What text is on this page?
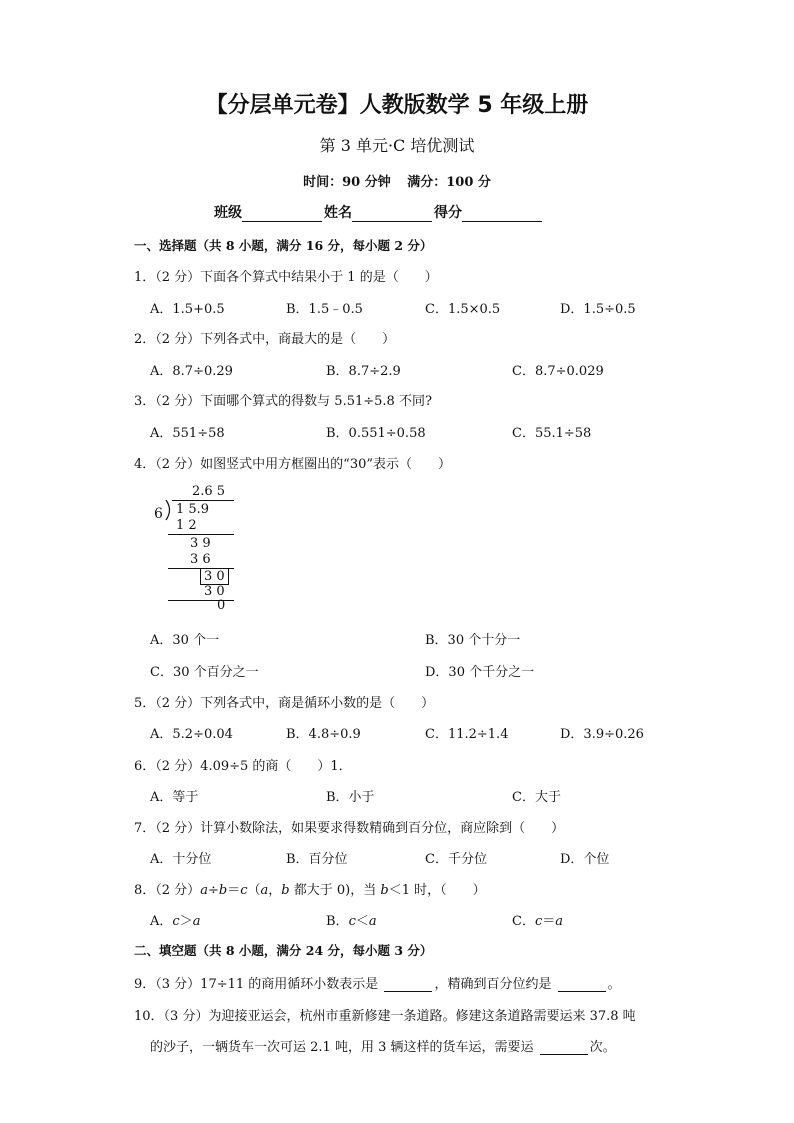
【分层单元卷】人教版数学 5 年级上册
第 3 单元·C 培优测试
时间：90 分钟 满分：100 分
班级	姓名	得分
一、选择题（共 8 小题，满分 16 分，每小题 2 分）
1．（2 分）下面各个算式中结果小于 1 的是（　　）
A．1.5+0.5	B．1.5﹣0.5	C．1.5×0.5	D．1.5÷0.5
2．（2 分）下列各式中，商最大的是（　　）
A．8.7÷0.29	B．8.7÷2.9	C．8.7÷0.029
3．（2 分）下面哪个算式的得数与 5.51÷5.8 不同?
A．551÷58	B．0.551÷0.58	C．55.1÷58
4．（2 分）如图竖式中用方框圈出的“30”表示（　　）
2.6 5
6 1 5.9
1 2
3 9
3 6
3 0
3 0
0
A．30 个一	B．30 个十分一
C．30 个百分之一	D．30 个千分之一
5．（2 分）下列各式中，商是循环小数的是（　　）
A．5.2÷0.04	B．4.8÷0.9	C．11.2÷1.4	D．3.9÷0.26
6．（2 分）4.09÷5 的商（　　）1．
A．等于	B．小于	C．大于
7．（2 分）计算小数除法，如果要求得数精确到百分位，商应除到（　　）
A．十分位	B．百分位	C．千分位	D．个位
8．（2 分）a÷b＝c（a，b 都大于 0)，当 b＜1 时，（　　）
A．c＞a	B．c＜a	C．c＝a
二、填空题（共 8 小题，满分 24 分，每小题 3 分）
9．（3 分）17÷11 的商用循环小数表示是	，精确到百分位约是	。
10．（3 分）为迎接亚运会，杭州市重新修建一条道路。修建这条道路需要运来 37.8 吨
的沙子，一辆货车一次可运 2.1 吨，用 3 辆这样的货车运，需要运	次。
